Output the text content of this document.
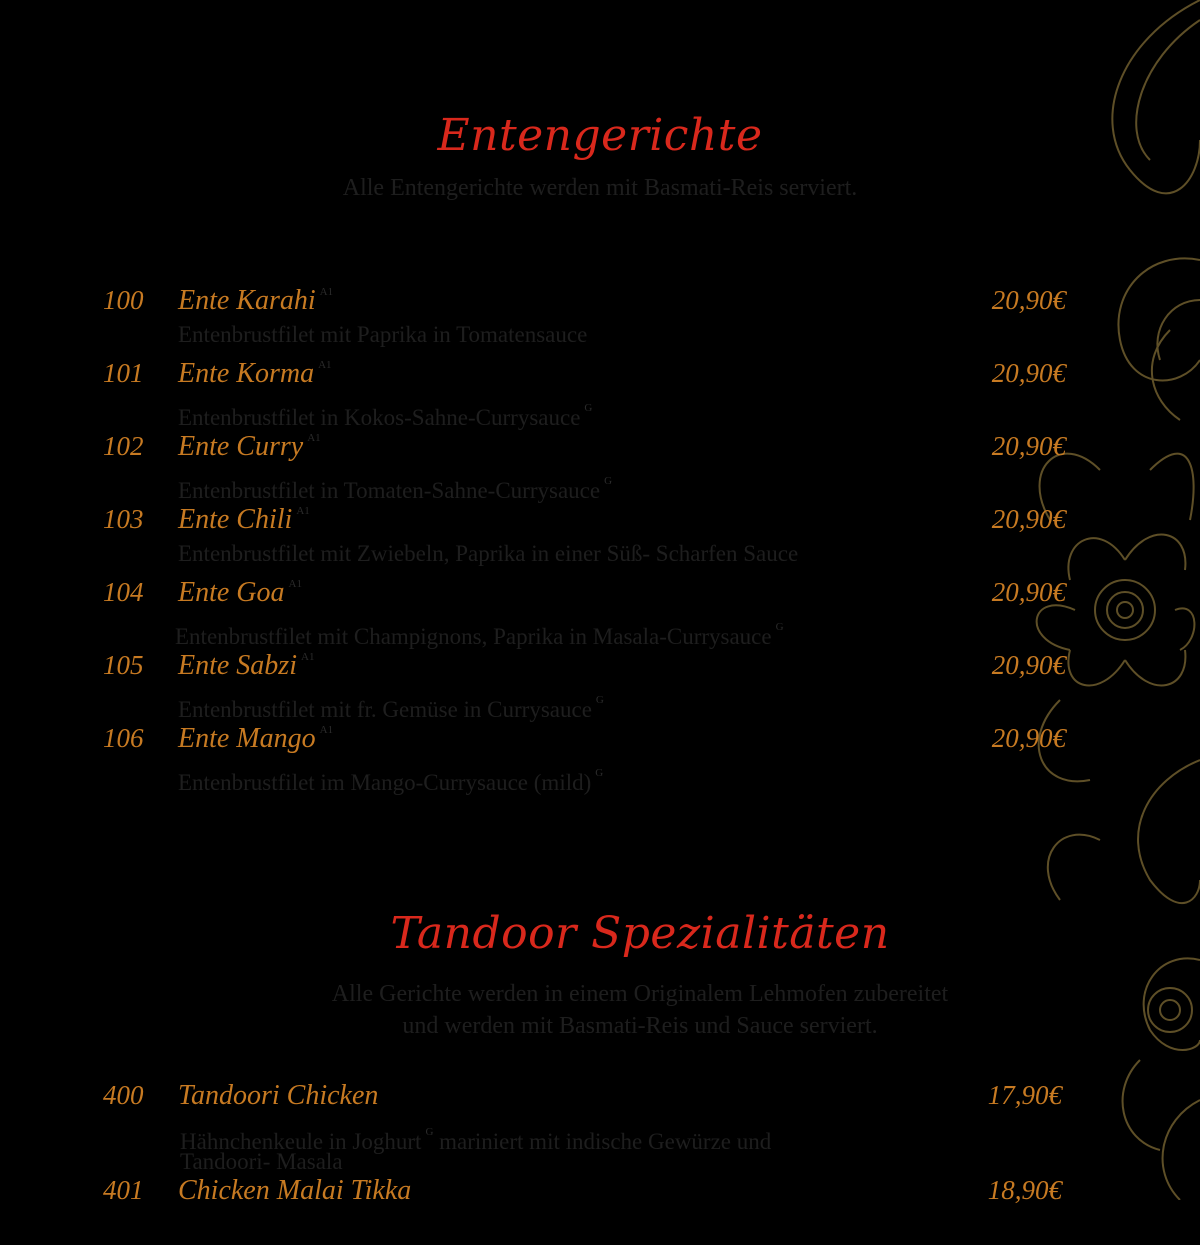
Entengerichte
Alle Entengerichte werden mit Basmati-Reis serviert.
100 Ente Karahi $^{A1}$	20,90€
Entenbrustfilet mit Paprika in Tomatensauce
101 Ente Korma $^{A1}$	20,90€
Entenbrustfilet in Kokos-Sahne-Currysauce $^G$
102 Ente Curry $^{A1}$	20,90€
Entenbrustfilet in Tomaten-Sahne-Currysauce $^G$
103 Ente Chili $^{A1}$	20,90€
Entenbrustfilet mit Zwiebeln, Paprika in einer Süß- Scharfen Sauce
104 Ente Goa $^{A1}$	20,90€
Entenbrustfilet mit Champignons, Paprika in Masala-Currysauce $^G$
105 Ente Sabzi $^{A1}$	20,90€
Entenbrustfilet mit fr. Gemüse in Currysauce $^G$
106 Ente Mango $^{A1}$	20,90€
Entenbrustfilet im Mango-Currysauce (mild) $^G$
Tandoor Spezialitäten
Alle Gerichte werden in einem Originalem Lehmofen zubereitet
und werden mit Basmati-Reis und Sauce serviert.
400 Tandoori Chicken	17,90€
Hähnchenkeule in Joghurt $^G$ mariniert mit indische Gewürze und
Tandoori- Masala
401 Chicken Malai Tikka	18,90€
